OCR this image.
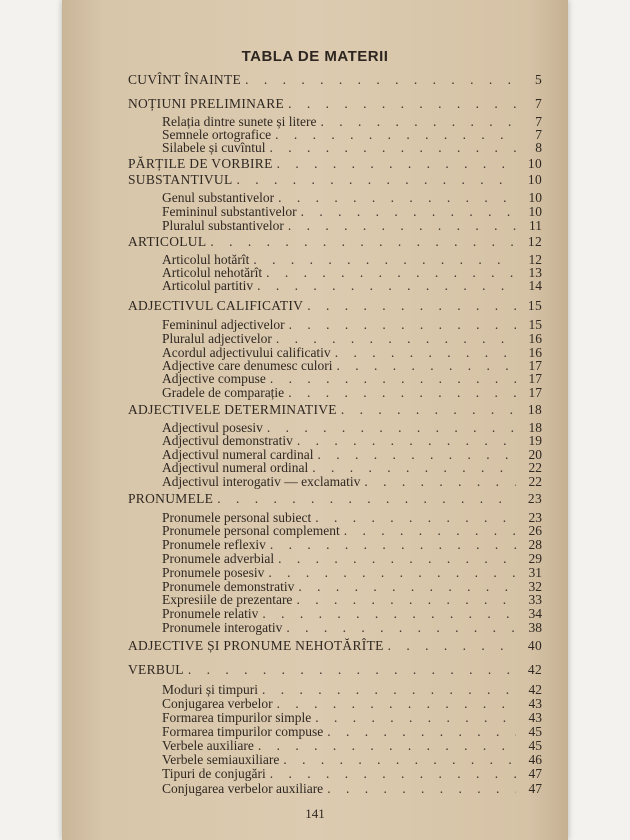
TABLA DE MATERII
CUVÎNT ÎNAINTE . . .	5
NOȚIUNI PRELIMINARE . . .	7
Relația dintre sunete și litere . . .	7
Semnele ortografice . . .	7
Silabele și cuvîntul . . .	8
PĂRȚILE DE VORBIRE . . .	10
SUBSTANTIVUL . . .	10
Genul substantivelor . . .	10
Femininul substantivelor . . .	10
Pluralul substantivelor . . .	11
ARTICOLUL . . .	12
Articolul hotărît . . .	12
Articolul nehotărît . . .	13
Articolul partitiv . . .	14
ADJECTIVUL CALIFICATIV . . .	15
Femininul adjectivelor . . .	15
Pluralul adjectivelor . . .	16
Acordul adjectivului calificativ . . .	16
Adjective care denumesc culori . . .	17
Adjective compuse . . .	17
Gradele de comparație . . .	17
ADJECTIVELE DETERMINATIVE . . .	18
Adjectivul posesiv . . .	18
Adjectivul demonstrativ . . .	19
Adjectivul numeral cardinal . . .	20
Adjectivul numeral ordinal . . .	22
Adjectivul interogativ — exclamativ . . .	22
PRONUMELE . . .	23
Pronumele personal subiect . . .	23
Pronumele personal complement . . .	26
Pronumele reflexiv . . .	28
Pronumele adverbial . . .	29
Pronumele posesiv . . .	31
Pronumele demonstrativ . . .	32
Expresiile de prezentare . . .	33
Pronumele relativ . . .	34
Pronumele interogativ . . .	38
ADJECTIVE ȘI PRONUME NEHOTĂRÎTE . . .	40
VERBUL . . .	42
Moduri și timpuri . . .	42
Conjugarea verbelor . . .	43
Formarea timpurilor simple . . .	43
Formarea timpurilor compuse . . .	45
Verbele auxiliare . . .	45
Verbele semiauxiliare . . .	46
Tipuri de conjugări . . .	47
Conjugarea verbelor auxiliare . . .	47
141
